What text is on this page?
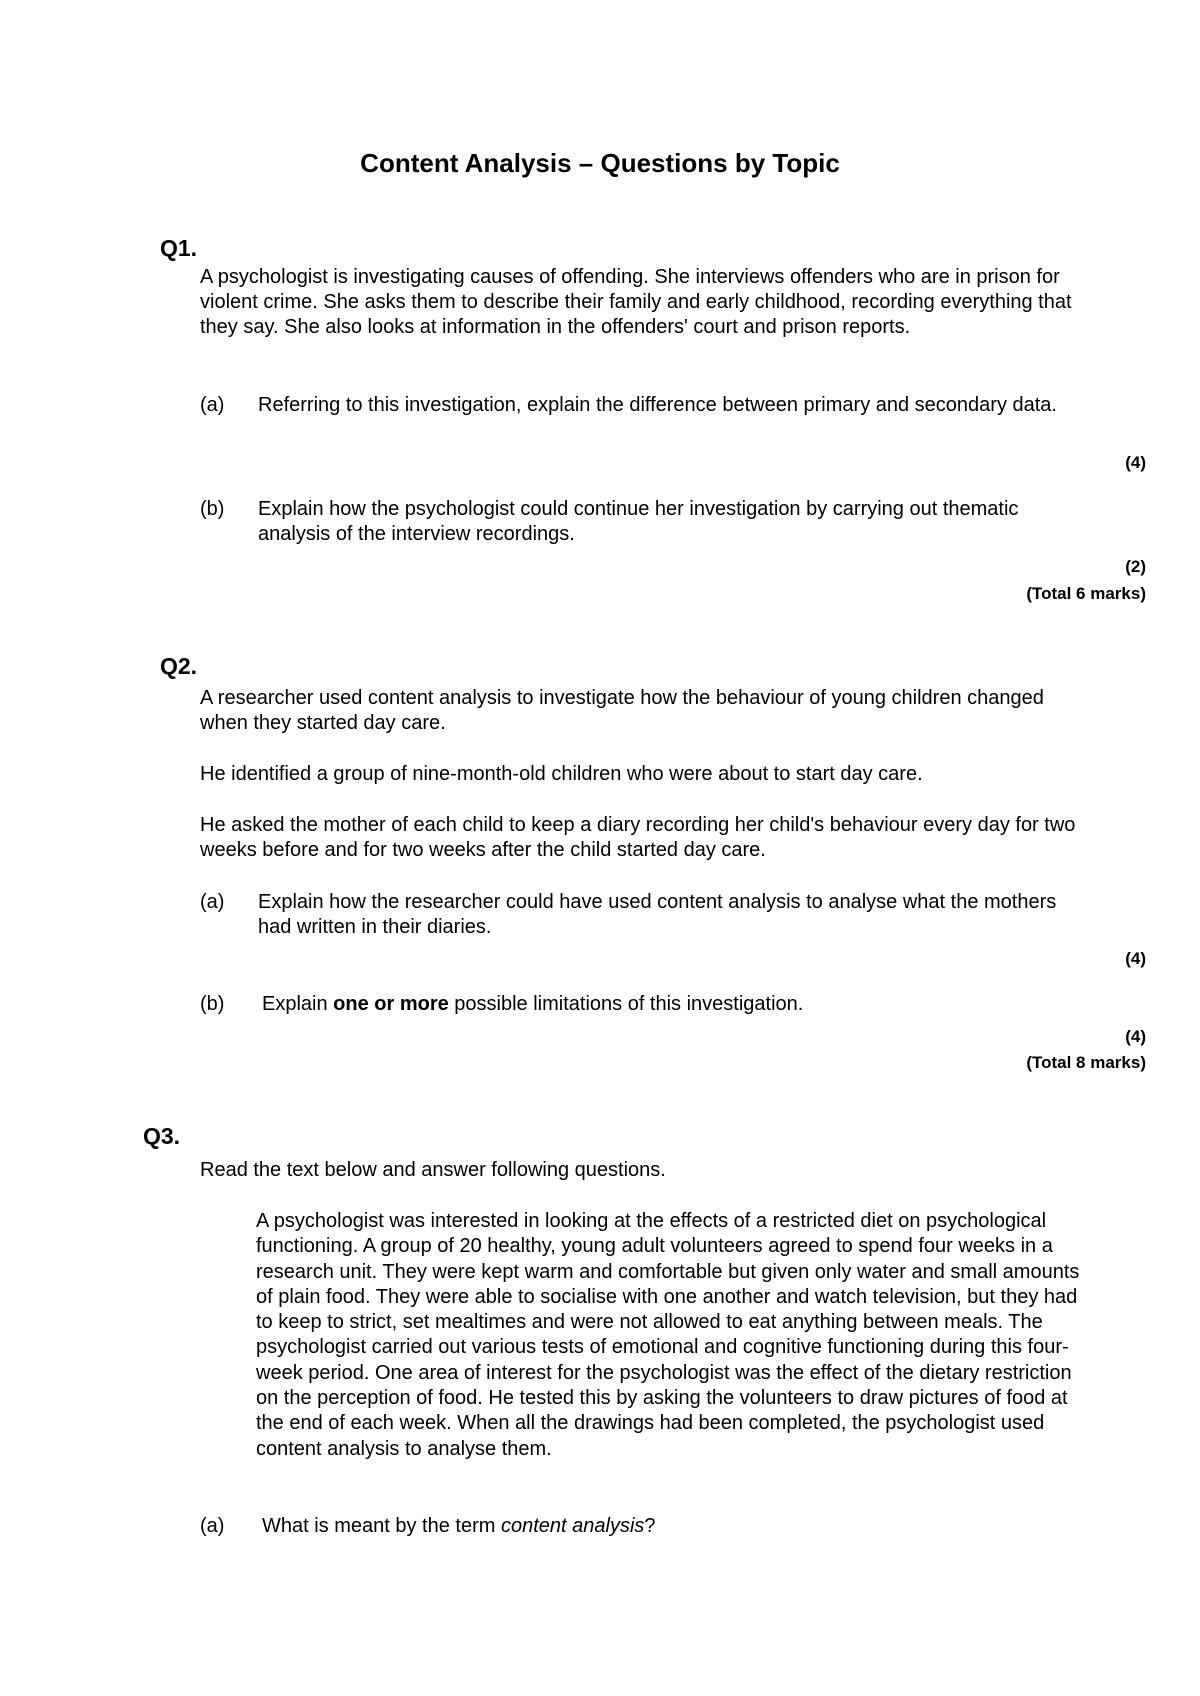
Content Analysis – Questions by Topic
Q1.
A psychologist is investigating causes of offending. She interviews offenders who are in prison for violent crime. She asks them to describe their family and early childhood, recording everything that they say. She also looks at information in the offenders' court and prison reports.
(a)	Referring to this investigation, explain the difference between primary and secondary data.
(4)
(b)	Explain how the psychologist could continue her investigation by carrying out thematic analysis of the interview recordings.
(2)
(Total 6 marks)
Q2.
A researcher used content analysis to investigate how the behaviour of young children changed when they started day care.
He identified a group of nine-month-old children who were about to start day care.
He asked the mother of each child to keep a diary recording her child's behaviour every day for two weeks before and for two weeks after the child started day care.
(a)	Explain how the researcher could have used content analysis to analyse what the mothers had written in their diaries.
(4)
(b)	Explain one or more possible limitations of this investigation.
(4)
(Total 8 marks)
Q3.
Read the text below and answer following questions.
A psychologist was interested in looking at the effects of a restricted diet on psychological functioning. A group of 20 healthy, young adult volunteers agreed to spend four weeks in a research unit. They were kept warm and comfortable but given only water and small amounts of plain food. They were able to socialise with one another and watch television, but they had to keep to strict, set mealtimes and were not allowed to eat anything between meals. The psychologist carried out various tests of emotional and cognitive functioning during this four-week period. One area of interest for the psychologist was the effect of the dietary restriction on the perception of food. He tested this by asking the volunteers to draw pictures of food at the end of each week. When all the drawings had been completed, the psychologist used content analysis to analyse them.
(a)	What is meant by the term content analysis?
